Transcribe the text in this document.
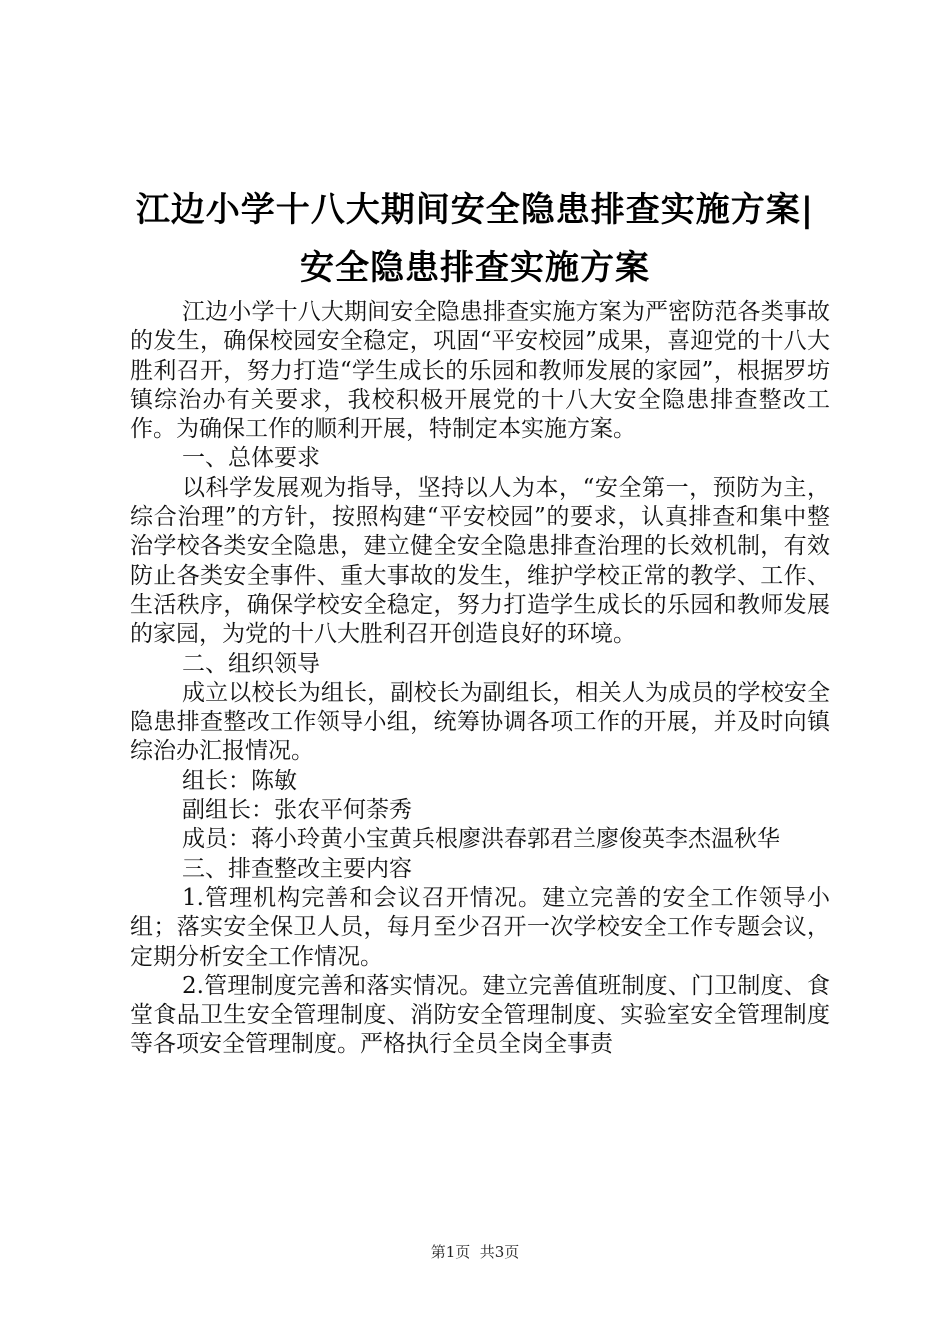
江边小学十八大期间安全隐患排查实施方案|
安全隐患排查实施方案

江边小学十八大期间安全隐患排查实施方案为严密防范各类事故的发生，确保校园安全稳定，巩固“平安校园”成果，喜迎党的十八大胜利召开，努力打造“学生成长的乐园和教师发展的家园”，根据罗坊镇综治办有关要求，我校积极开展党的十八大安全隐患排查整改工作。为确保工作的顺利开展，特制定本实施方案。

一、总体要求

以科学发展观为指导，坚持以人为本，“安全第一，预防为主，综合治理”的方针，按照构建“平安校园”的要求，认真排查和集中整治学校各类安全隐患，建立健全安全隐患排查治理的长效机制，有效防止各类安全事件、重大事故的发生，维护学校正常的教学、工作、生活秩序，确保学校安全稳定，努力打造学生成长的乐园和教师发展的家园，为党的十八大胜利召开创造良好的环境。

二、组织领导

成立以校长为组长，副校长为副组长，相关人为成员的学校安全隐患排查整改工作领导小组，统筹协调各项工作的开展，并及时向镇综治办汇报情况。

组长：陈敏

副组长：张农平何荼秀

成员：蒋小玲黄小宝黄兵根廖洪春郭君兰廖俊英李杰温秋华

三、排查整改主要内容

1.管理机构完善和会议召开情况。建立完善的安全工作领导小组；落实安全保卫人员，每月至少召开一次学校安全工作专题会议，定期分析安全工作情况。

2.管理制度完善和落实情况。建立完善值班制度、门卫制度、食堂食品卫生安全管理制度、消防安全管理制度、实验室安全管理制度等各项安全管理制度。严格执行全员全岗全事责

第1页  共3页
